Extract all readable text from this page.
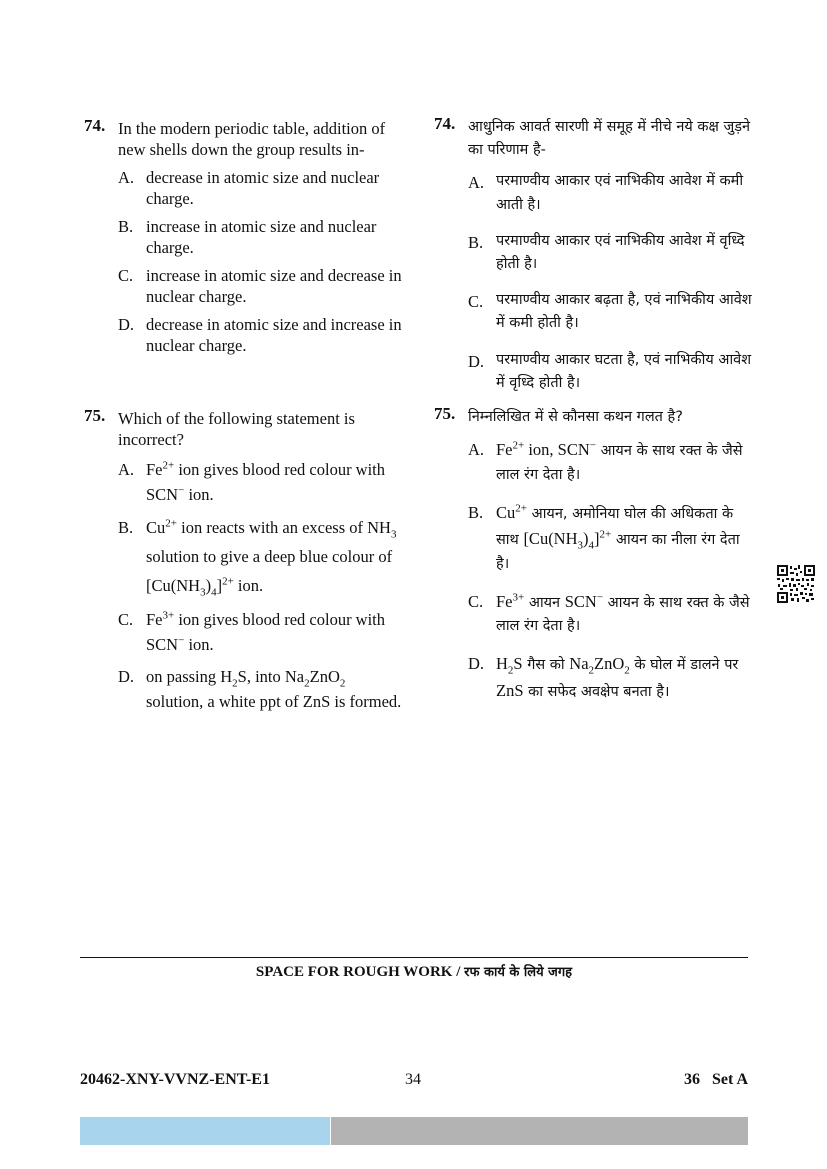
74. In the modern periodic table, addition of new shells down the group results in-

A. decrease in atomic size and nuclear charge.
B. increase in atomic size and nuclear charge.
C. increase in atomic size and decrease in nuclear charge.
D. decrease in atomic size and increase in nuclear charge.
75. Which of the following statement is incorrect?

A. $Fe^{2+}$ ion gives blood red colour with SCN− ion.
B. $Cu^{2+}$ ion reacts with an excess of $NH_3$ solution to give a deep blue colour of $[Cu(NH_3)_4]^{2+}$ ion.
C. $Fe^{3+}$ ion gives blood red colour with SCN− ion.
D. on passing $H_2S$, into $Na_2ZnO_2$ solution, a white ppt of ZnS is formed.
74. आधुनिक आवर्त सारणी में समूह में नीचे नये कक्ष जुड़ने का परिणाम है-

A. परमाण्वीय आकार एवं नाभिकीय आवेश में कमी आती है।
B. परमाण्वीय आकार एवं नाभिकीय आवेश में वृध्दि होती है।
C. परमाण्वीय आकार बढ़ता है, एवं नाभिकीय आवेश में कमी होती है।
D. परमाण्वीय आकार घटता है, एवं नाभिकीय आवेश में वृध्दि होती है।
75. निम्नलिखित में से कौनसा कथन गलत है?

A. $Fe^{2+}$ ion, SCN− आयन के साथ रक्त के जैसे लाल रंग देता है।
B. $Cu^{2+}$ आयन, अमोनिया घोल की अधिकता के साथ $[Cu(NH_3)_4]^{2+}$ आयन का नीला रंग देता है।
C. $Fe^{3+}$ आयन SCN− आयन के साथ रक्त के जैसे लाल रंग देता है।
D. $H_2S$ गैस को $Na_2ZnO_2$ के घोल में डालने पर ZnS का सफेद अवक्षेप बनता है।
SPACE FOR ROUGH WORK / रफ कार्य के लिये जगह
20462-XNY-VVNZ-ENT-E1	34	36   Set A
